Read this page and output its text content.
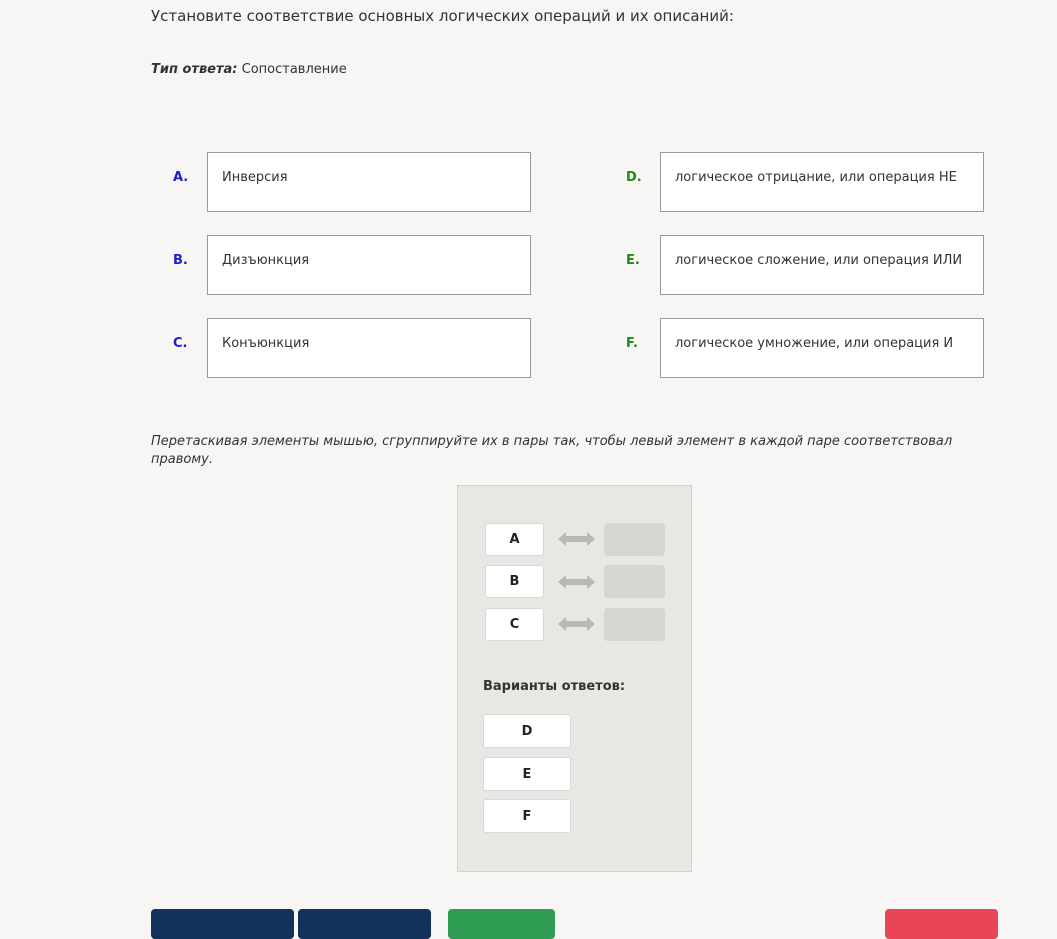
Установите соответствие основных логических операций и их описаний:
Тип ответа: Сопоставление
A.	Инверсия
B.	Дизъюнкция
C.	Конъюнкция
D.	логическое отрицание, или операция НЕ
E.	логическое сложение, или операция ИЛИ
F.	логическое умножение, или операция И
Перетаскивая элементы мышью, сгруппируйте их в пары так, чтобы левый элемент в каждой паре соответствовал правому.
A
B
C
Варианты ответов:
D
E
F
